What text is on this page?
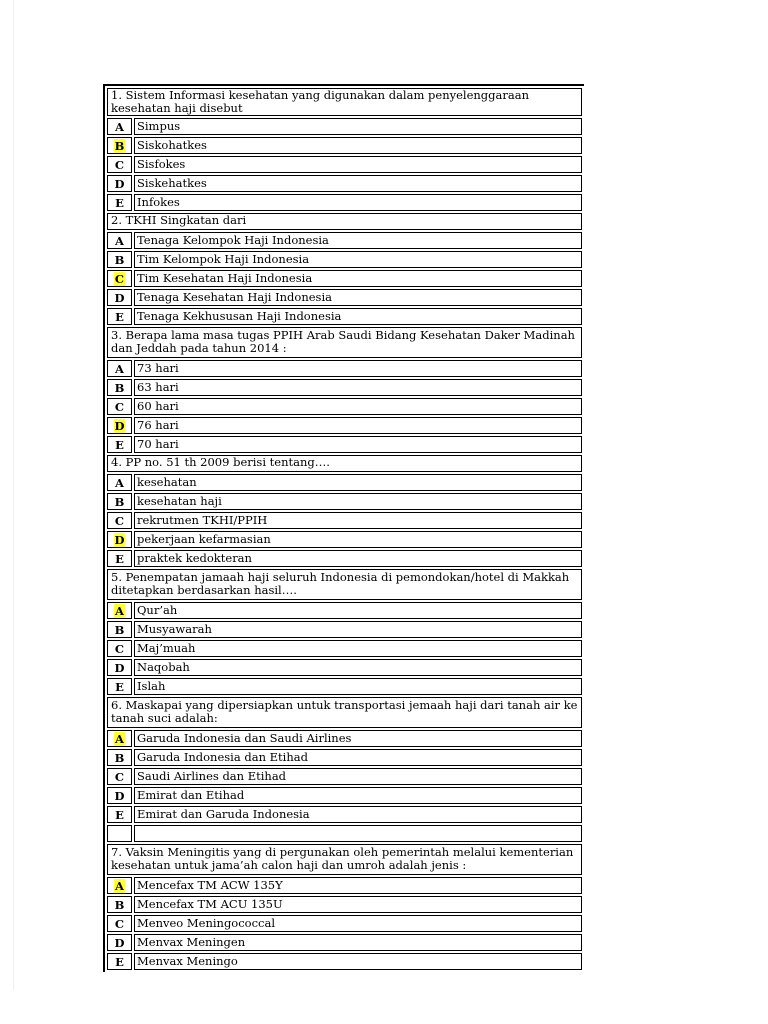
1. Sistem Informasi kesehatan yang digunakan dalam penyelenggaraan kesehatan haji disebut
A Simpus
B Siskohatkes
C Sisfokes
D Siskehatkes
E Infokes
2. TKHI Singkatan dari
A Tenaga Kelompok Haji Indonesia
B Tim Kelompok Haji Indonesia
C Tim Kesehatan Haji Indonesia
D Tenaga Kesehatan Haji Indonesia
E Tenaga Kekhususan Haji Indonesia
3. Berapa lama masa tugas PPIH Arab Saudi Bidang Kesehatan Daker Madinah dan Jeddah pada tahun 2014 :
A 73 hari
B 63 hari
C 60 hari
D 76 hari
E 70 hari
4. PP no. 51 th 2009 berisi tentang….
A kesehatan
B kesehatan haji
C rekrutmen TKHI/PPIH
D pekerjaan kefarmasian
E praktek kedokteran
5. Penempatan jamaah haji seluruh Indonesia di pemondokan/hotel di Makkah ditetapkan berdasarkan hasil….
A Qur’ah
B Musyawarah
C Maj’muah
D Naqobah
E Islah
6. Maskapai yang dipersiapkan untuk transportasi jemaah haji dari tanah air ke tanah suci adalah:
A Garuda Indonesia dan Saudi Airlines
B Garuda Indonesia dan Etihad
C Saudi Airlines dan Etihad
D Emirat dan Etihad
E Emirat dan Garuda Indonesia
7. Vaksin Meningitis yang di pergunakan oleh pemerintah melalui kementerian kesehatan untuk jama’ah calon haji dan umroh adalah jenis :
A Mencefax TM ACW 135Y
B Mencefax TM ACU 135U
C Menveo Meningococcal
D Menvax Meningen
E Menvax Meningo
